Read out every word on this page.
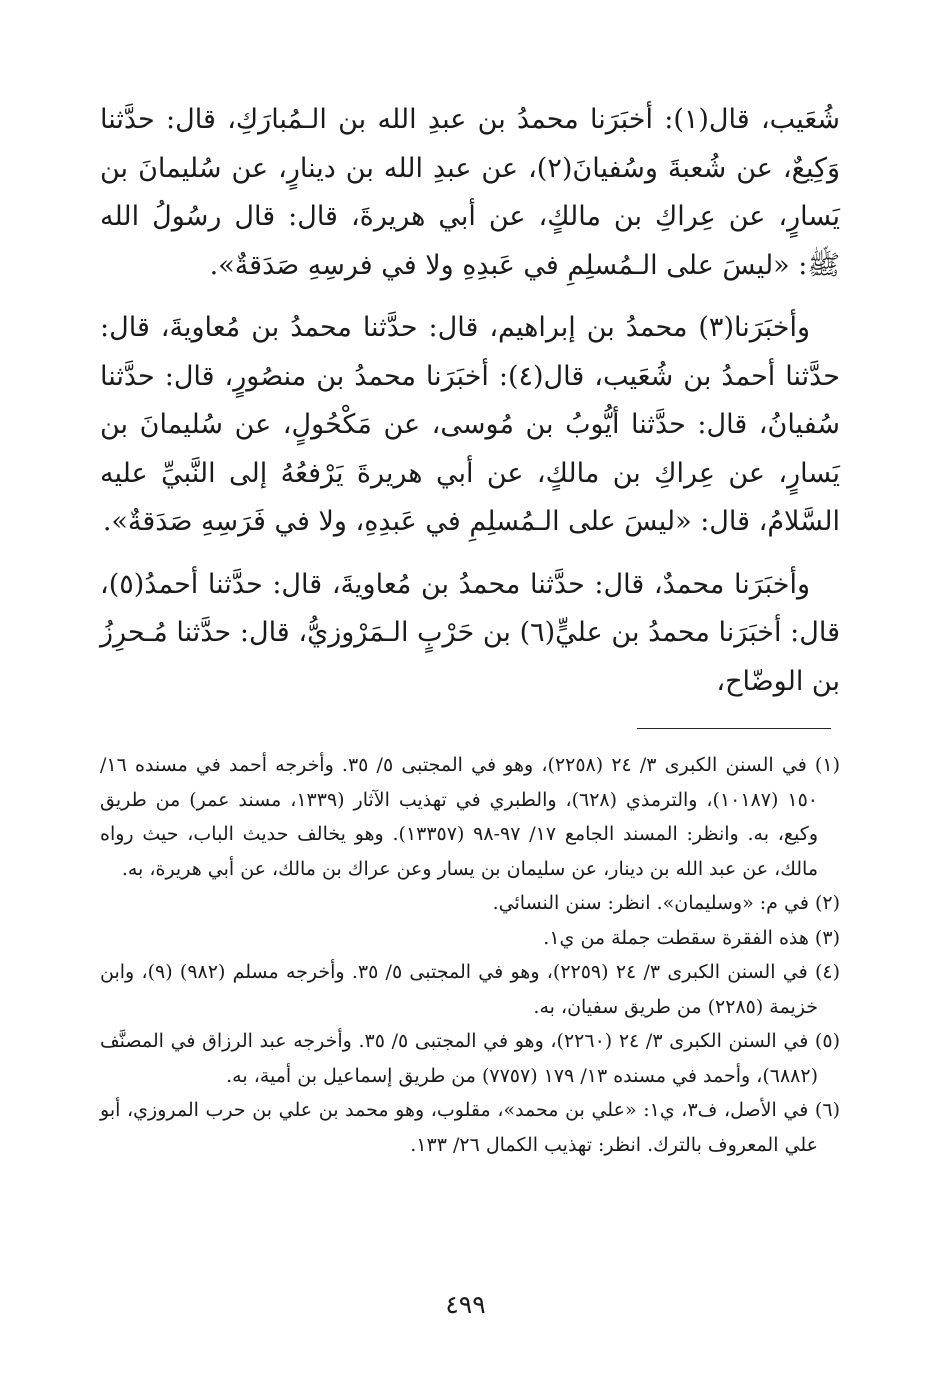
شُعَيب، قال(١): أخبَرَنا محمدُ بن عبدِ الله بن الـمُبارَكِ، قال: حدَّثنا وَكِيعٌ، عن شُعبةَ وسُفيانَ(٢)، عن عبدِ الله بن دينارٍ، عن سُليمانَ بن يَسارٍ، عن عِراكِ بن مالكٍ، عن أبي هريرةَ، قال: قال رسُولُ الله ﷺ: «ليسَ على الـمُسلِمِ في عَبدِهِ ولا في فرسِهِ صَدَقةٌ».

وأخبَرَنا(٣) محمدُ بن إبراهيم، قال: حدَّثنا محمدُ بن مُعاويةَ، قال: حدَّثنا أحمدُ بن شُعَيب، قال(٤): أخبَرَنا محمدُ بن منصُورٍ، قال: حدَّثنا سُفيانُ، قال: حدَّثنا أيُّوبُ بن مُوسى، عن مَكْحُولٍ، عن سُليمانَ بن يَسارٍ، عن عِراكِ بن مالكٍ، عن أبي هريرةَ يَرْفعُهُ إلى النَّبيِّ عليه السَّلامُ، قال: «ليسَ على الـمُسلِمِ في عَبدِهِ، ولا في فَرَسِهِ صَدَقةٌ».

وأخبَرَنا محمدٌ، قال: حدَّثنا محمدُ بن مُعاويةَ، قال: حدَّثنا أحمدُ(٥)، قال: أخبَرَنا محمدُ بن عليٍّ(٦) بن حَرْبٍ الـمَرْوزيُّ، قال: حدَّثنا مُـحرِزُ بن الوضّاح،

(١) في السنن الكبرى ٣/ ٢٤ (٢٢٥٨)، وهو في المجتبى ٥/ ٣٥. وأخرجه أحمد في مسنده ١٦/ ١٥٠ (١٠١٨٧)، والترمذي (٦٢٨)، والطبري في تهذيب الآثار (١٣٣٩، مسند عمر) من طريق وكيع، به. وانظر: المسند الجامع ١٧/ ٩٧-٩٨ (١٣٣٥٧). وهو يخالف حديث الباب، حيث رواه مالك، عن عبد الله بن دينار، عن سليمان بن يسار وعن عراك بن مالك، عن أبي هريرة، به.

(٢) في م: «وسليمان». انظر: سنن النسائي.

(٣) هذه الفقرة سقطت جملة من ي١.

(٤) في السنن الكبرى ٣/ ٢٤ (٢٢٥٩)، وهو في المجتبى ٥/ ٣٥. وأخرجه مسلم (٩٨٢) (٩)، وابن خزيمة (٢٢٨٥) من طريق سفيان، به.

(٥) في السنن الكبرى ٣/ ٢٤ (٢٢٦٠)، وهو في المجتبى ٥/ ٣٥. وأخرجه عبد الرزاق في المصنَّف (٦٨٨٢)، وأحمد في مسنده ١٣/ ١٧٩ (٧٧٥٧) من طريق إسماعيل بن أمية، به.

(٦) في الأصل، ف٣، ي١: «علي بن محمد»، مقلوب، وهو محمد بن علي بن حرب المروزي، أبو علي المعروف بالترك. انظر: تهذيب الكمال ٢٦/ ١٣٣.

٤٩٩
